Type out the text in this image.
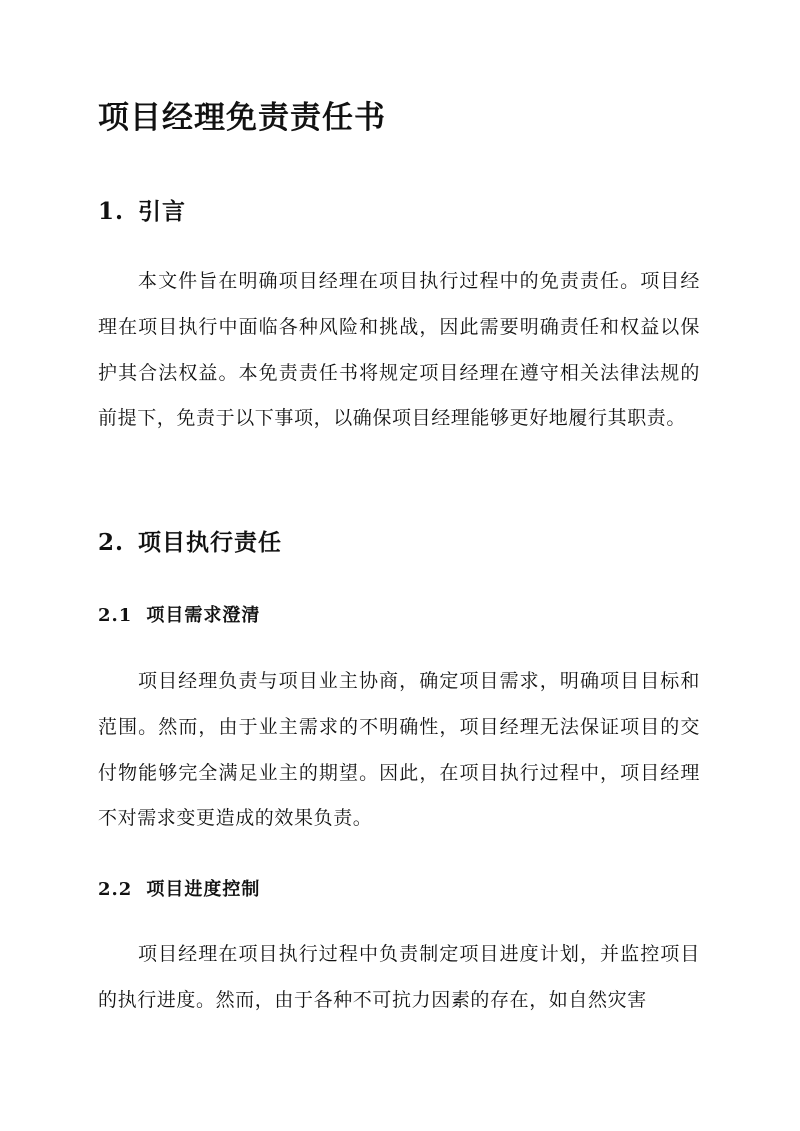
项目经理免责责任书
1. 引言

本文件旨在明确项目经理在项目执行过程中的免责责任。项目经理在项目执行中面临各种风险和挑战，因此需要明确责任和权益以保护其合法权益。本免责责任书将规定项目经理在遵守相关法律法规的前提下，免责于以下事项，以确保项目经理能够更好地履行其职责。

2. 项目执行责任
2.1 项目需求澄清

项目经理负责与项目业主协商，确定项目需求，明确项目目标和范围。然而，由于业主需求的不明确性，项目经理无法保证项目的交付物能够完全满足业主的期望。因此，在项目执行过程中，项目经理不对需求变更造成的效果负责。

2.2 项目进度控制

项目经理在项目执行过程中负责制定项目进度计划，并监控项目的执行进度。然而，由于各种不可抗力因素的存在，如自然灾害
